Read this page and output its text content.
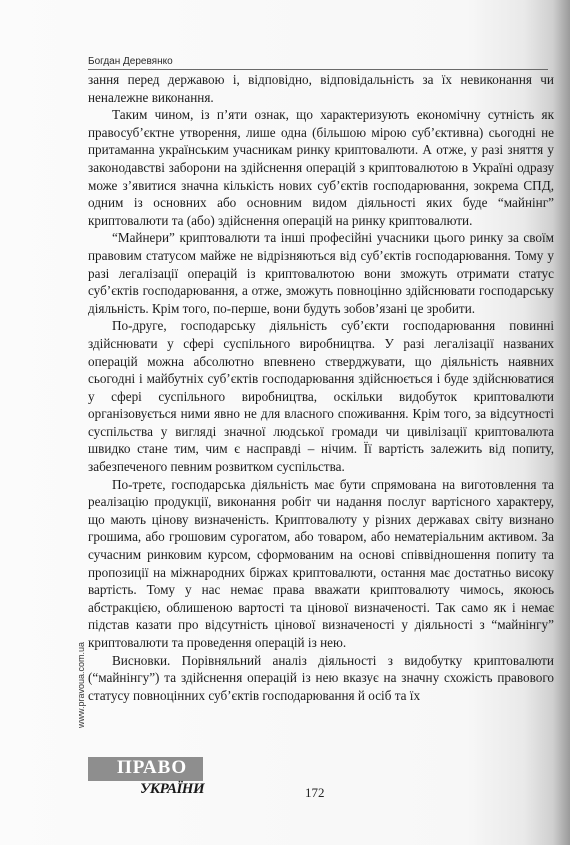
Богдан Деревянко

зання перед державою і, відповідно, відповідальність за їх невиконання чи неналежне виконання.

Таким чином, із п’яти ознак, що характеризують економічну сутність як правосуб’єктне утворення, лише одна (більшою мірою суб’єктивна) сьогодні не притаманна українським учасникам ринку криптовалюти. А отже, у разі зняття у законодавстві заборони на здійснення операцій з криптовалютою в Україні одразу може з’явитися значна кількість нових суб’єктів господарювання, зокрема СПД, одним із основних або основним видом діяльності яких буде “майнінг” криптовалюти та (або) здійснення операцій на ринку криптовалюти.

“Майнери” криптовалюти та інші професійні учасники цього ринку за своїм правовим статусом майже не відрізняються від суб’єктів господарювання. Тому у разі легалізації операцій із криптовалютою вони зможуть отримати статус суб’єктів господарювання, а отже, зможуть повноцінно здійснювати господарську діяльність. Крім того, по-перше, вони будуть зобов’язані це зробити.

По-друге, господарську діяльність суб’єкти господарювання повинні здійснювати у сфері суспільного виробництва. У разі легалізації названих операцій можна абсолютно впевнено стверджувати, що діяльність наявних сьогодні і майбутніх суб’єктів господарювання здійснюється і буде здійснюватися у сфері суспільного виробництва, оскільки видобуток криптовалюти організовується ними явно не для власного споживання. Крім того, за відсутності суспільства у вигляді значної людської громади чи цивілізації криптовалюта швидко стане тим, чим є насправді – нічим. Її вартість залежить від попиту, забезпеченого певним розвитком суспільства.

По-третє, господарська діяльність має бути спрямована на виготовлення та реалізацію продукції, виконання робіт чи надання послуг вартісного характеру, що мають цінову визначеність. Криптовалюту у різних державах світу визнано грошима, або грошовим сурогатом, або товаром, або нематеріальним активом. За сучасним ринковим курсом, сформованим на основі співвідношення попиту та пропозиції на міжнародних біржах криптовалюти, остання має достатньо високу вартість. Тому у нас немає права вважати криптовалюту чимось, якоюсь абстракцією, облишеною вартості та цінової визначеності. Так само як і немає підстав казати про відсутність цінової визначеності у діяльності з “майнінгу” криптовалюти та проведення операцій із нею.

Висновки. Порівняльний аналіз діяльності з видобутку криптовалюти (“майнінгу”) та здійснення операцій із нею вказує на значну схожість правового статусу повноцінних суб’єктів господарювання й осіб та їх

www.pravoua.com.ua
ПРАВО
УКРАЇНИ	172
